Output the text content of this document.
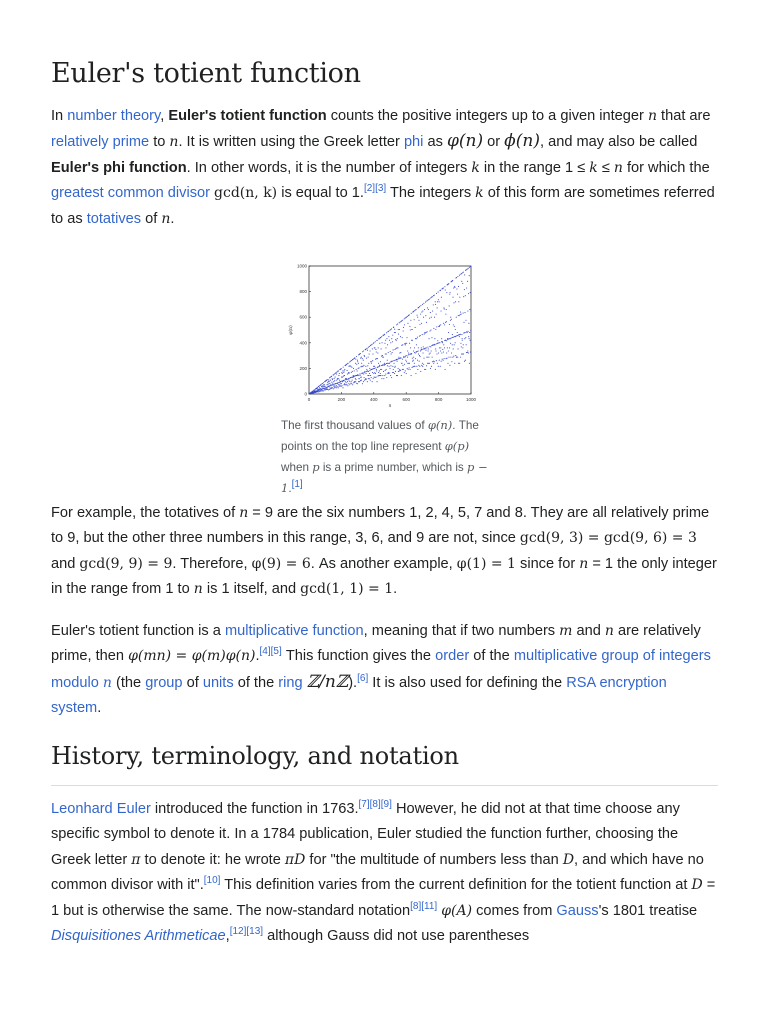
Euler's totient function

In number theory, Euler's totient function counts the positive integers up to a given integer n that are relatively prime to n. It is written using the Greek letter phi as φ(n) or ϕ(n), and may also be called Euler's phi function. In other words, it is the number of integers k in the range 1 ≤ k ≤ n for which the greatest common divisor gcd(n, k) is equal to 1.[2][3] The integers k of this form are sometimes referred to as totatives of n.

0	200	400	600	800	1000
0
200
400
600
800
1000
n
φ(n)
The first thousand values of φ(n). The points on the top line represent φ(p) when p is a prime number, which is p − 1.[1]

For example, the totatives of n = 9 are the six numbers 1, 2, 4, 5, 7 and 8. They are all relatively prime to 9, but the other three numbers in this range, 3, 6, and 9 are not, since gcd(9, 3) = gcd(9, 6) = 3 and gcd(9, 9) = 9. Therefore, φ(9) = 6. As another example, φ(1) = 1 since for n = 1 the only integer in the range from 1 to n is 1 itself, and gcd(1, 1) = 1.

Euler's totient function is a multiplicative function, meaning that if two numbers m and n are relatively prime, then φ(mn) = φ(m)φ(n).[4][5] This function gives the order of the multiplicative group of integers modulo n (the group of units of the ring ℤ/nℤ).[6] It is also used for defining the RSA encryption system.

History, terminology, and notation

Leonhard Euler introduced the function in 1763.[7][8][9] However, he did not at that time choose any specific symbol to denote it. In a 1784 publication, Euler studied the function further, choosing the Greek letter π to denote it: he wrote πD for "the multitude of numbers less than D, and which have no common divisor with it".[10] This definition varies from the current definition for the totient function at D = 1 but is otherwise the same. The now-standard notation[8][11] φ(A) comes from Gauss's 1801 treatise Disquisitiones Arithmeticae,[12][13] although Gauss did not use parentheses
